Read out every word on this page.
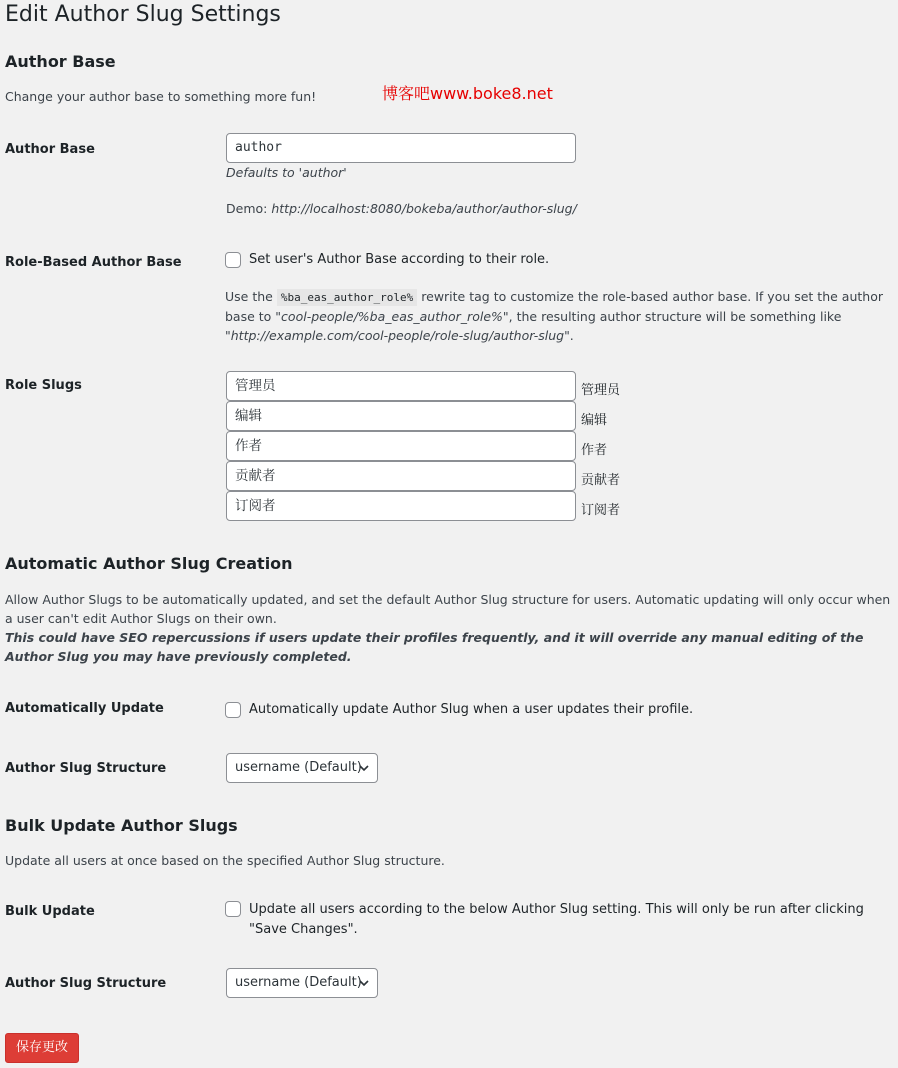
Edit Author Slug Settings
博客吧www.boke8.net
Author Base
Change your author base to something more fun!
Author Base	author
Defaults to 'author'
Demo: http://localhost:8080/bokeba/author/author-slug/
Role-Based Author Base	Set user's Author Base according to their role.
Use the %ba_eas_author_role% rewrite tag to customize the role-based author base. If you set the author base to "cool-people/%ba_eas_author_role%", the resulting author structure will be something like "http://example.com/cool-people/role-slug/author-slug".
Role Slugs	管理员	管理员
编辑	编辑
作者	作者
贡献者	贡献者
订阅者	订阅者
Automatic Author Slug Creation

Allow Author Slugs to be automatically updated, and set the default Author Slug structure for users. Automatic updating will only occur when a user can't edit Author Slugs on their own.

This could have SEO repercussions if users update their profiles frequently, and it will override any manual editing of the Author Slug you may have previously completed.

Automatically Update	Automatically update Author Slug when a user updates their profile.
Author Slug Structure	username (Default)
Bulk Update Author Slugs
Update all users at once based on the specified Author Slug structure.
Bulk Update	Update all users according to the below Author Slug setting. This will only be run after clicking "Save Changes".
Author Slug Structure	username (Default)
保存更改
